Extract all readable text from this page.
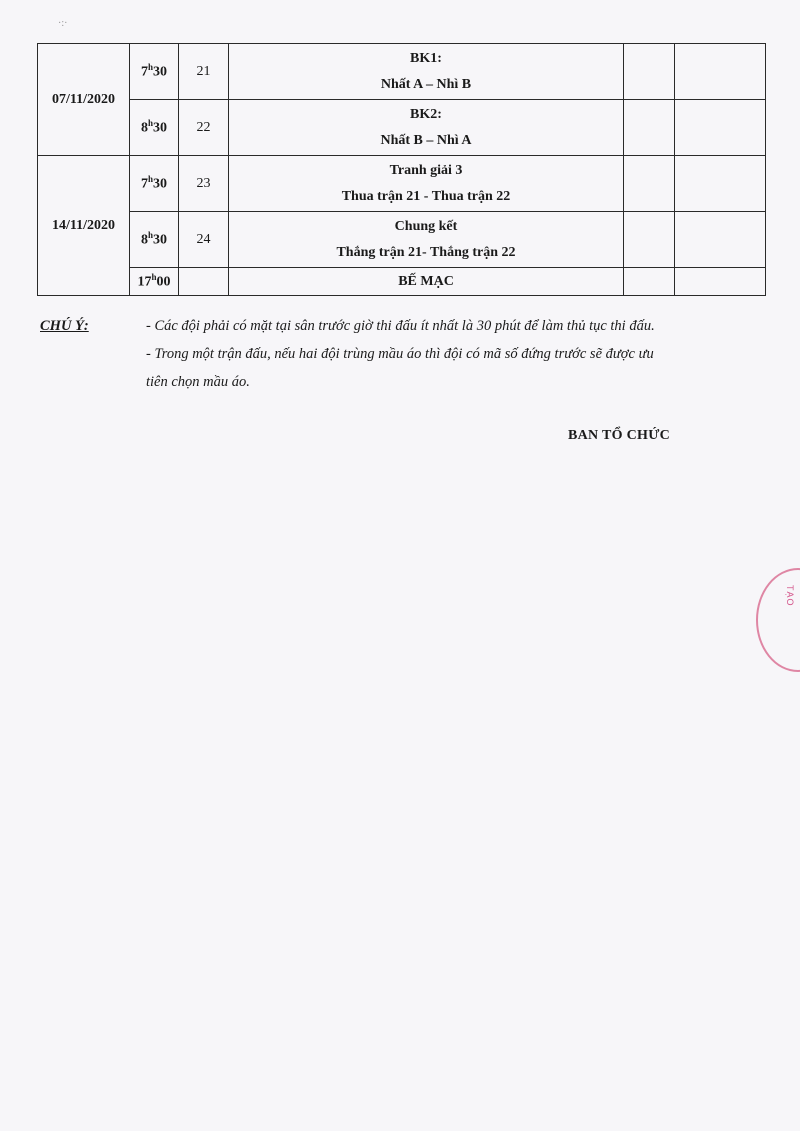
·:·
07/11/2020	7$^h$30	21	BK1:
Nhất A – Nhì B		

	8$^h$30	22	BK2:
Nhất B – Nhì A		

14/11/2020	7$^h$30	23	Tranh giải 3
Thua trận 21 - Thua trận 22		

	8$^h$30	24	Chung kết
Thắng trận 21- Thắng trận 22		

	17$^h$00		BẾ MẠC		
CHÚ Ý:	- Các đội phải có mặt tại sân trước giờ thi đấu ít nhất là 30 phút để làm thủ tục thi đấu.
- Trong một trận đấu, nếu hai đội trùng mầu áo thì đội có mã số đứng trước sẽ được ưu
tiên chọn mầu áo.
BAN TỔ CHỨC
TẠO
